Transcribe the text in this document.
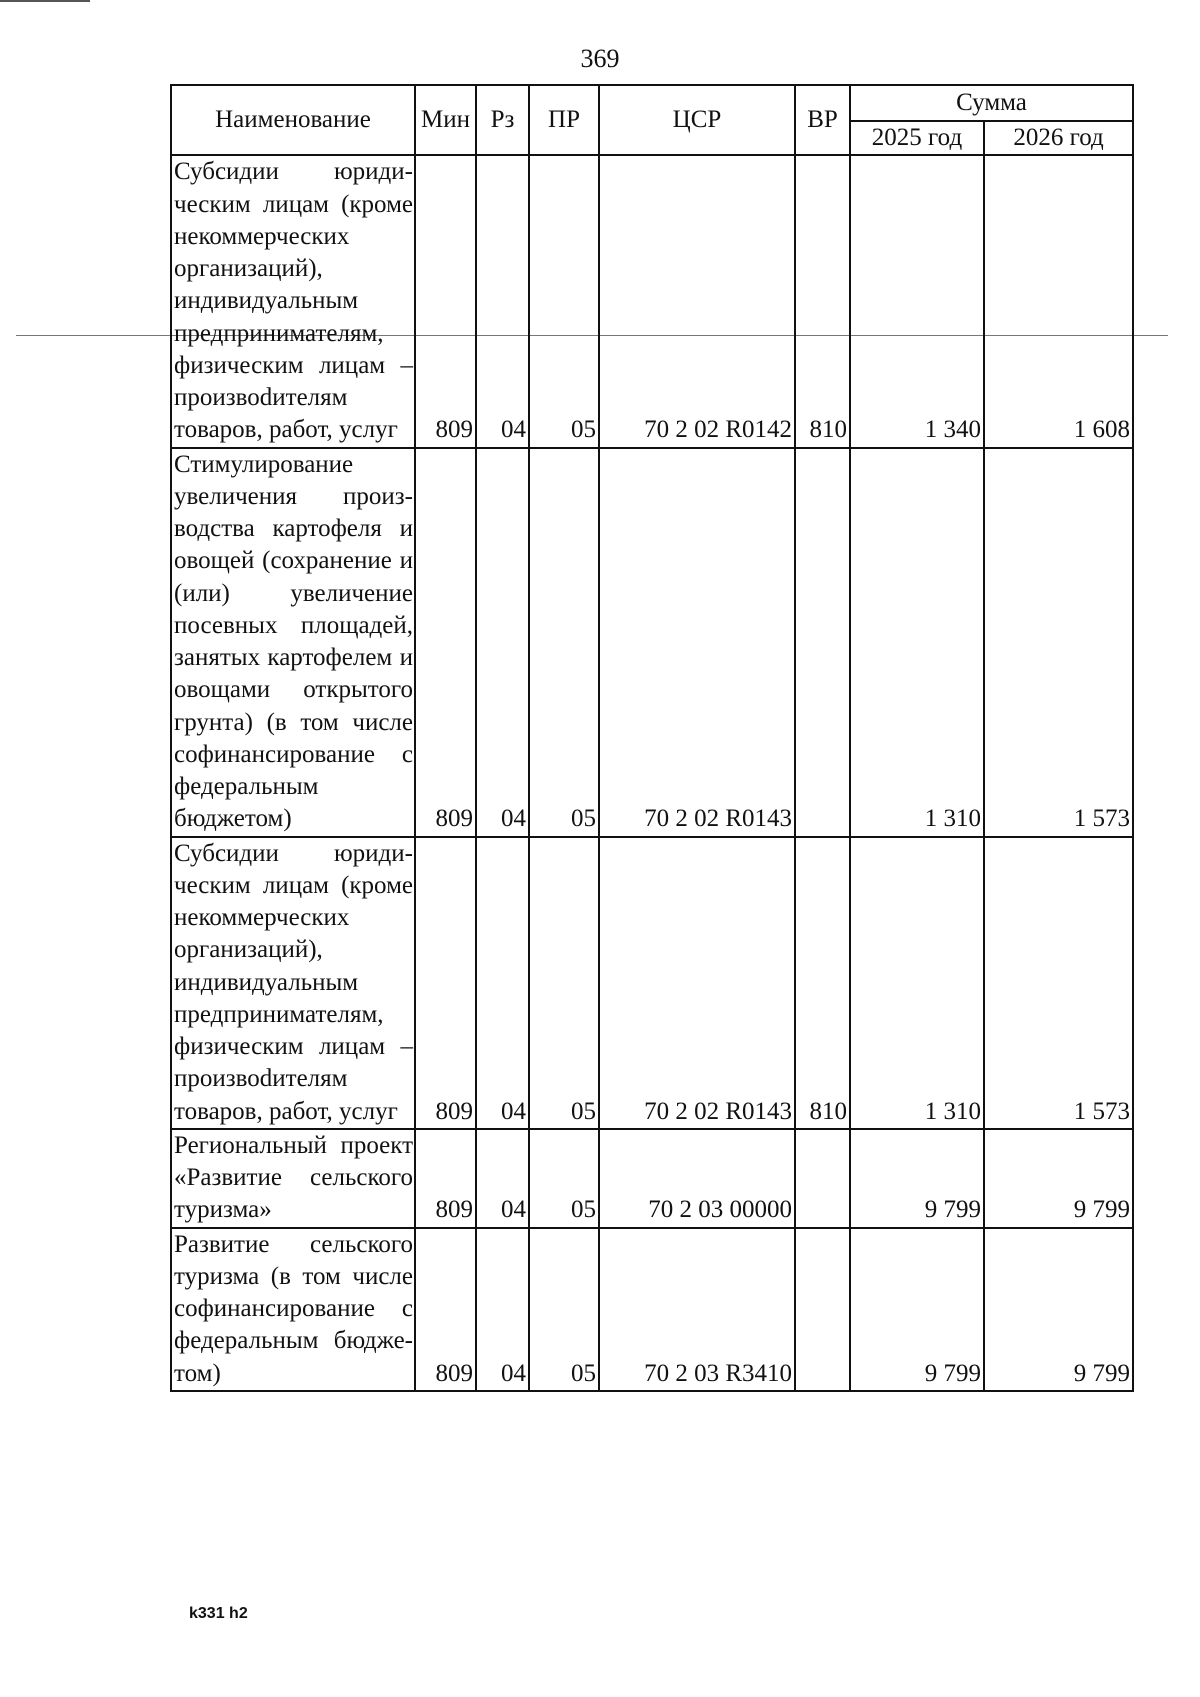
369
Наименование	Мин	Рз	ПР	ЦСР	ВР	Сумма	
						2025 год	2026 год
Субсидии юридическим лицам (кроме некоммерческих организаций), индивидуальным предпринимателям, физическим лицам – произвоdителям товаров, работ, услуг	809	04	05	70 2 02 R0142	810	1 340	1 608
Стимулирование увеличения производства картофеля и овощей (сохранение и (или) увеличение посевных площадей, занятых картофелем и овощами открытого грунта) (в том числе софинансирование с федеральным бюджетом)	809	04	05	70 2 02 R0143		1 310	1 573
Субсидии юридическим лицам (кроме некоммерческих организаций), индивидуальным предпринимателям, физическим лицам – произвоdителям товаров, работ, услуг	809	04	05	70 2 02 R0143	810	1 310	1 573
Региональный проект «Развитие сельского туризма»	809	04	05	70 2 03 00000		9 799	9 799
Развитие сельского туризма (в том числе софинансирование с федеральным бюджетом)	809	04	05	70 2 03 R3410		9 799	9 799
k331 h2
